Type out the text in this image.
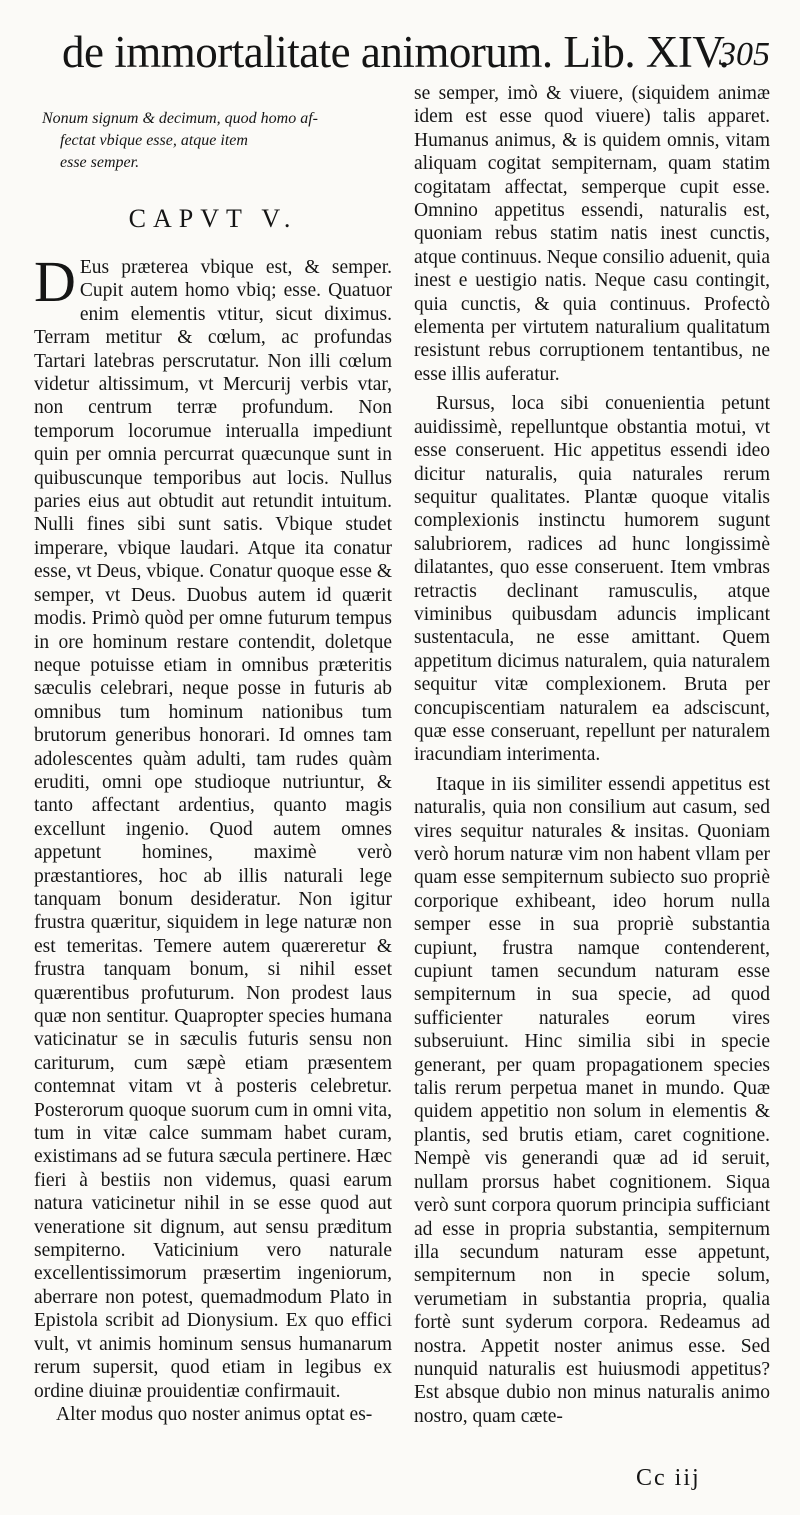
de immortalitate animorum. Lib. XIV.
305
Nonum signum & decimum, quod homo af-
fectat vbique esse, atque item
esse semper.
CAPVT V.

D Eus præterea vbique est, & semper. Cupit autem homo vbiq; esse. Quatuor enim elementis vtitur, sicut diximus. Terram metitur & cœlum, ac profundas Tartari latebras perscrutatur. Non illi cœlum videtur altissimum, vt Mercurij verbis vtar, non centrum terræ profundum. Non temporum locorumue interualla impediunt quin per omnia percurrat quæcunque sunt in quibuscunque temporibus aut locis. Nullus paries eius aut obtudit aut retundit intuitum. Nulli fines sibi sunt satis. Vbique studet imperare, vbique laudari. Atque ita conatur esse, vt Deus, vbique. Conatur quoque esse & semper, vt Deus. Duobus autem id quærit modis. Primò quòd per omne futurum tempus in ore hominum restare contendit, doletque neque potuisse etiam in omnibus præteritis sæculis celebrari, neque posse in futuris ab omnibus tum hominum nationibus tum brutorum generibus honorari. Id omnes tam adolescentes quàm adulti, tam rudes quàm eruditi, omni ope studioque nutriuntur, & tanto affectant ardentius, quanto magis excellunt ingenio. Quod autem omnes appetunt homines, maximè verò præstantiores, hoc ab illis naturali lege tanquam bonum desideratur. Non igitur frustra quæritur, siquidem in lege naturæ non est temeritas. Temere autem quæreretur & frustra tanquam bonum, si nihil esset quærentibus profuturum. Non prodest laus quæ non sentitur. Quapropter species humana vaticinatur se in sæculis futuris sensu non cariturum, cum sæpè etiam præsentem contemnat vitam vt à posteris celebretur. Posterorum quoque suorum cum in omni vita, tum in vitæ calce summam habet curam, existimans ad se futura sæcula pertinere. Hæc fieri à bestiis non videmus, quasi earum natura vaticinetur nihil in se esse quod aut veneratione sit dignum, aut sensu præditum sempiterno. Vaticinium vero naturale excellentissimorum præsertim ingeniorum, aberrare non potest, quemadmodum Plato in Epistola scribit ad Dionysium. Ex quo effici vult, vt animis hominum sensus humanarum rerum supersit, quod etiam in legibus ex ordine diuinæ prouidentiæ confirmauit.

Alter modus quo noster animus optat es-

se semper, imò & viuere, (siquidem animæ idem est esse quod viuere) talis apparet. Humanus animus, & is quidem omnis, vitam aliquam cogitat sempiternam, quam statim cogitatam affectat, semperque cupit esse. Omnino appetitus essendi, naturalis est, quoniam rebus statim natis inest cunctis, atque continuus. Neque consilio aduenit, quia inest e uestigio natis. Neque casu contingit, quia cunctis, & quia continuus. Profectò elementa per virtutem naturalium qualitatum resistunt rebus corruptionem tentantibus, ne esse illis auferatur.

Rursus, loca sibi conuenientia petunt auidissimè, repelluntque obstantia motui, vt esse conseruent. Hic appetitus essendi ideo dicitur naturalis, quia naturales rerum sequitur qualitates. Plantæ quoque vitalis complexionis instinctu humorem sugunt salubriorem, radices ad hunc longissimè dilatantes, quo esse conseruent. Item vmbras retractis declinant ramusculis, atque viminibus quibusdam aduncis implicant sustentacula, ne esse amittant. Quem appetitum dicimus naturalem, quia naturalem sequitur vitæ complexionem. Bruta per concupiscentiam naturalem ea adsciscunt, quæ esse conseruant, repellunt per naturalem iracundiam interimenta.

Itaque in iis similiter essendi appetitus est naturalis, quia non consilium aut casum, sed vires sequitur naturales & insitas. Quoniam verò horum naturæ vim non habent vllam per quam esse sempiternum subiecto suo propriè corporique exhibeant, ideo horum nulla semper esse in sua propriè substantia cupiunt, frustra namque contenderent, cupiunt tamen secundum naturam esse sempiternum in sua specie, ad quod sufficienter naturales eorum vires subseruiunt. Hinc similia sibi in specie generant, per quam propagationem species talis rerum perpetua manet in mundo. Quæ quidem appetitio non solum in elementis & plantis, sed brutis etiam, caret cognitione. Nempè vis generandi quæ ad id seruit, nullam prorsus habet cognitionem. Siqua verò sunt corpora quorum principia sufficiant ad esse in propria substantia, sempiternum illa secundum naturam esse appetunt, sempiternum non in specie solum, verumetiam in substantia propria, qualia fortè sunt syderum corpora. Redeamus ad nostra. Appetit noster animus esse. Sed nunquid naturalis est huiusmodi appetitus? Est absque dubio non minus naturalis animo nostro, quam cæte-

Cc iij
